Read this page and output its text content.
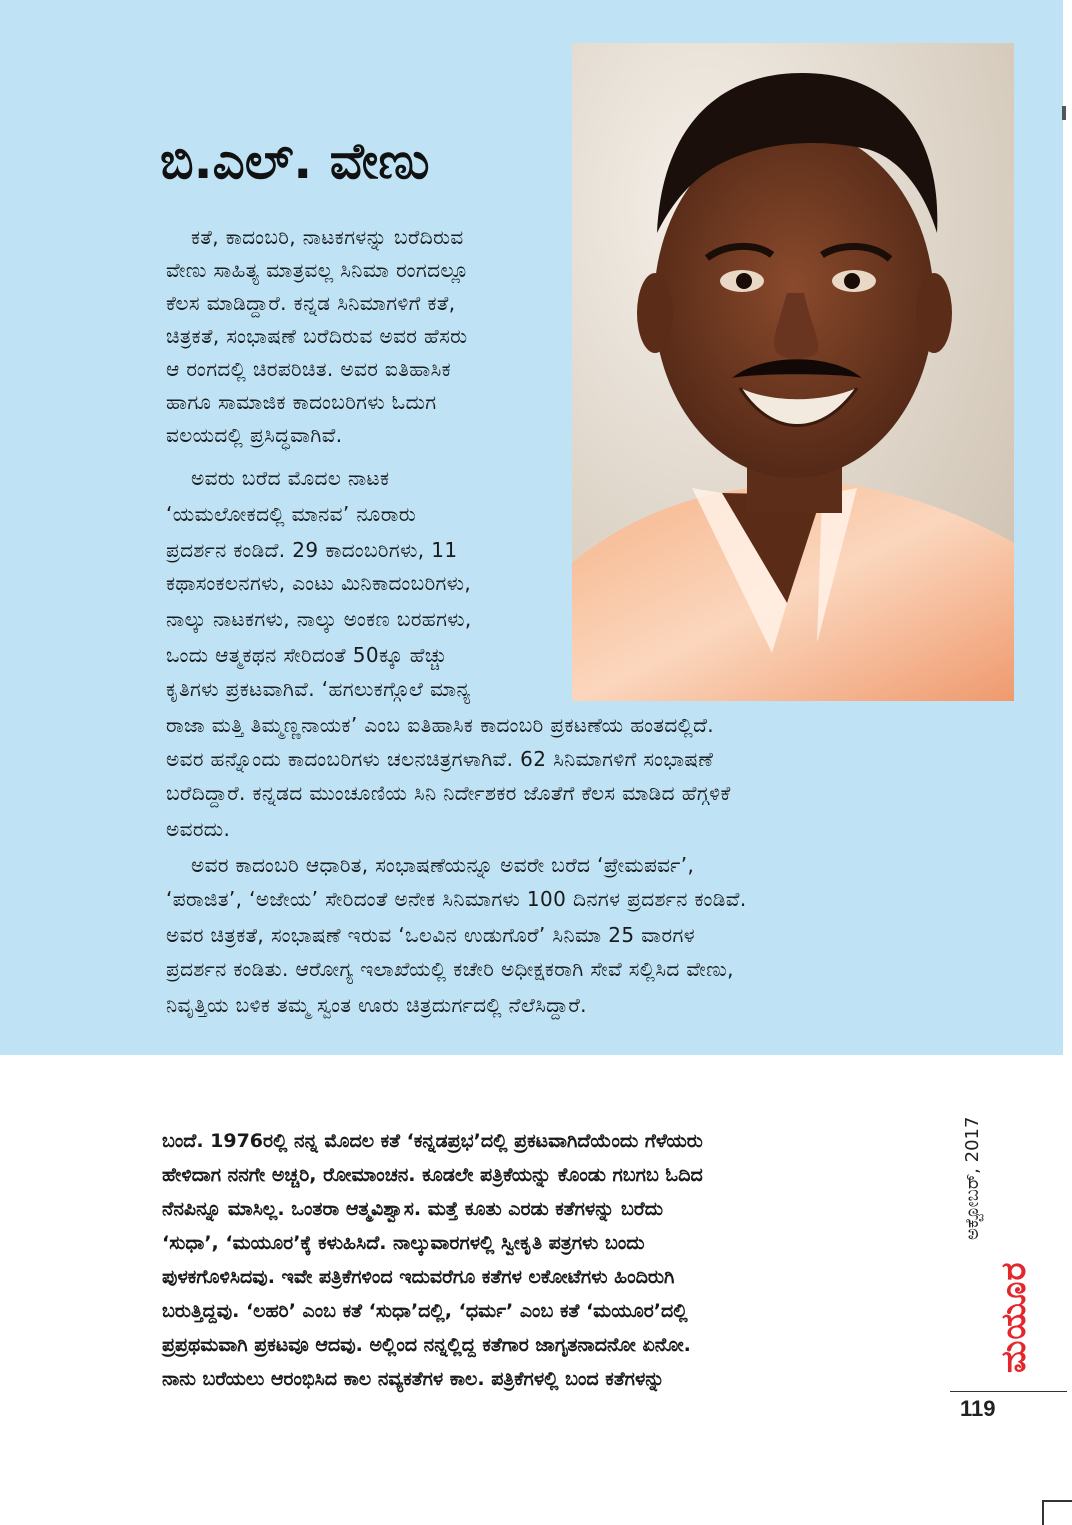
ಬಿ.ಎಲ್. ವೇಣು

ಕತೆ, ಕಾದಂಬರಿ, ನಾಟಕಗಳನ್ನು ಬರೆದಿರುವ

ವೇಣು ಸಾಹಿತ್ಯ ಮಾತ್ರವಲ್ಲ ಸಿನಿಮಾ ರಂಗದಲ್ಲೂ

ಕೆಲಸ ಮಾಡಿದ್ದಾರೆ. ಕನ್ನಡ ಸಿನಿಮಾಗಳಿಗೆ ಕತೆ,

ಚಿತ್ರಕತೆ, ಸಂಭಾಷಣೆ ಬರೆದಿರುವ ಅವರ ಹೆಸರು

ಆ ರಂಗದಲ್ಲಿ ಚಿರಪರಿಚಿತ. ಅವರ ಐತಿಹಾಸಿಕ

ಹಾಗೂ ಸಾಮಾಜಿಕ ಕಾದಂಬರಿಗಳು ಓದುಗ

ವಲಯದಲ್ಲಿ ಪ್ರಸಿದ್ಧವಾಗಿವೆ.

ಅವರು ಬರೆದ ಮೊದಲ ನಾಟಕ

‘ಯಮಲೋಕದಲ್ಲಿ ಮಾನವ’ ನೂರಾರು

ಪ್ರದರ್ಶನ ಕಂಡಿದೆ. 29 ಕಾದಂಬರಿಗಳು, 11

ಕಥಾಸಂಕಲನಗಳು, ಎಂಟು ಮಿನಿಕಾದಂಬರಿಗಳು,

ನಾಲ್ಕು ನಾಟಕಗಳು, ನಾಲ್ಕು ಅಂಕಣ ಬರಹಗಳು,

ಒಂದು ಆತ್ಮಕಥನ ಸೇರಿದಂತೆ 50ಕ್ಕೂ ಹೆಚ್ಚು

ಕೃತಿಗಳು ಪ್ರಕಟವಾಗಿವೆ. ‘ಹಗಲುಕಗ್ಗೊಲೆ ಮಾನ್ಯ

ರಾಜಾ ಮತ್ತಿ ತಿಮ್ಮಣ್ಣನಾಯಕ’ ಎಂಬ ಐತಿಹಾಸಿಕ ಕಾದಂಬರಿ ಪ್ರಕಟಣೆಯ ಹಂತದಲ್ಲಿದೆ.

ಅವರ ಹನ್ನೊಂದು ಕಾದಂಬರಿಗಳು ಚಲನಚಿತ್ರಗಳಾಗಿವೆ. 62 ಸಿನಿಮಾಗಳಿಗೆ ಸಂಭಾಷಣೆ

ಬರೆದಿದ್ದಾರೆ. ಕನ್ನಡದ ಮುಂಚೂಣಿಯ ಸಿನಿ ನಿರ್ದೇಶಕರ ಜೊತೆಗೆ ಕೆಲಸ ಮಾಡಿದ ಹೆಗ್ಗಳಿಕೆ

ಅವರದು.

ಅವರ ಕಾದಂಬರಿ ಆಧಾರಿತ, ಸಂಭಾಷಣೆಯನ್ನೂ ಅವರೇ ಬರೆದ ‘ಪ್ರೇಮಪರ್ವ’,

‘ಪರಾಜಿತ’, ‘ಅಜೇಯ’ ಸೇರಿದಂತೆ ಅನೇಕ ಸಿನಿಮಾಗಳು 100 ದಿನಗಳ ಪ್ರದರ್ಶನ ಕಂಡಿವೆ.

ಅವರ ಚಿತ್ರಕತೆ, ಸಂಭಾಷಣೆ ಇರುವ ‘ಒಲವಿನ ಉಡುಗೊರೆ’ ಸಿನಿಮಾ 25 ವಾರಗಳ

ಪ್ರದರ್ಶನ ಕಂಡಿತು. ಆರೋಗ್ಯ ಇಲಾಖೆಯಲ್ಲಿ ಕಚೇರಿ ಅಧೀಕ್ಷಕರಾಗಿ ಸೇವೆ ಸಲ್ಲಿಸಿದ ವೇಣು,

ನಿವೃತ್ತಿಯ ಬಳಿಕ ತಮ್ಮ ಸ್ವಂತ ಊರು ಚಿತ್ರದುರ್ಗದಲ್ಲಿ ನೆಲೆಸಿದ್ದಾರೆ.

ಬಂದೆ. 1976ರಲ್ಲಿ ನನ್ನ ಮೊದಲ ಕತೆ ‘ಕನ್ನಡಪ್ರಭ’ದಲ್ಲಿ ಪ್ರಕಟವಾಗಿದೆಯೆಂದು ಗೆಳೆಯರು

ಹೇಳಿದಾಗ ನನಗೇ ಅಚ್ಚರಿ, ರೋಮಾಂಚನ. ಕೂಡಲೇ ಪತ್ರಿಕೆಯನ್ನು ಕೊಂಡು ಗಬಗಬ ಓದಿದ

ನೆನಪಿನ್ನೂ ಮಾಸಿಲ್ಲ. ಒಂತರಾ ಆತ್ಮವಿಶ್ವಾಸ. ಮತ್ತೆ ಕೂತು ಎರಡು ಕತೆಗಳನ್ನು ಬರೆದು

‘ಸುಧಾ’, ‘ಮಯೂರ’ಕ್ಕೆ ಕಳುಹಿಸಿದೆ. ನಾಲ್ಕುವಾರಗಳಲ್ಲಿ ಸ್ವೀಕೃತಿ ಪತ್ರಗಳು ಬಂದು

ಪುಳಕಗೊಳಿಸಿದವು. ಇವೇ ಪತ್ರಿಕೆಗಳಿಂದ ಇದುವರೆಗೂ ಕತೆಗಳ ಲಕೋಟೆಗಳು ಹಿಂದಿರುಗಿ

ಬರುತ್ತಿದ್ದವು. ‘ಲಹರಿ’ ಎಂಬ ಕತೆ ‘ಸುಧಾ’ದಲ್ಲಿ, ‘ಧರ್ಮ’ ಎಂಬ ಕತೆ ‘ಮಯೂರ’ದಲ್ಲಿ

ಪ್ರಪ್ರಥಮವಾಗಿ ಪ್ರಕಟವೂ ಆದವು. ಅಲ್ಲಿಂದ ನನ್ನಲ್ಲಿದ್ದ ಕತೆಗಾರ ಜಾಗೃತನಾದನೋ ಏನೋ.

ನಾನು ಬರೆಯಲು ಆರಂಭಿಸಿದ ಕಾಲ ನವ್ಯಕತೆಗಳ ಕಾಲ. ಪತ್ರಿಕೆಗಳಲ್ಲಿ ಬಂದ ಕತೆಗಳನ್ನು

ಅಕ್ಟೋಬರ್, 2017
ಮಯೂರ
119
